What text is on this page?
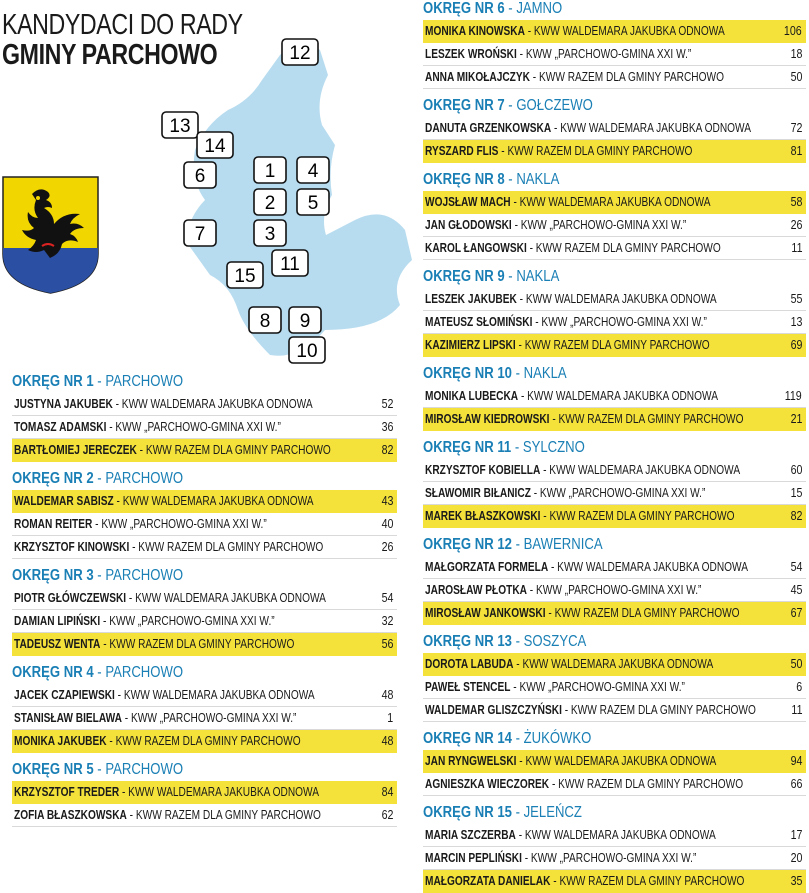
KANDYDACI DO RADY
GMINY PARCHOWO
1
2
3
4
5
6
7
8 9
10
11
12
13
14
15
OKRĘG NR 1 - PARCHOWO
JUSTYNA JAKUBEK - KWW WALDEMARA JAKUBKA ODNOWA	52
TOMASZ ADAMSKI - KWW „PARCHOWO-GMINA XXI W.”	36
BARTŁOMIEJ JERECZEK - KWW RAZEM DLA GMINY PARCHOWO	82
OKRĘG NR 2 - PARCHOWO
WALDEMAR SABISZ - KWW WALDEMARA JAKUBKA ODNOWA	43
ROMAN REITER - KWW „PARCHOWO-GMINA XXI W.”	40
KRZYSZTOF KINOWSKI - KWW RAZEM DLA GMINY PARCHOWO	26
OKRĘG NR 3 - PARCHOWO
PIOTR GŁÓWCZEWSKI - KWW WALDEMARA JAKUBKA ODNOWA	54
DAMIAN LIPIŃSKI - KWW „PARCHOWO-GMINA XXI W.”	32
TADEUSZ WENTA - KWW RAZEM DLA GMINY PARCHOWO	56
OKRĘG NR 4 - PARCHOWO
JACEK CZAPIEWSKI - KWW WALDEMARA JAKUBKA ODNOWA	48
STANISŁAW BIELAWA - KWW „PARCHOWO-GMINA XXI W.”	1
MONIKA JAKUBEK - KWW RAZEM DLA GMINY PARCHOWO	48
OKRĘG NR 5 - PARCHOWO
KRZYSZTOF TREDER - KWW WALDEMARA JAKUBKA ODNOWA	84
ZOFIA BŁASZKOWSKA - KWW RAZEM DLA GMINY PARCHOWO	62
OKRĘG NR 6 - JAMNO
MONIKA KINOWSKA - KWW WALDEMARA JAKUBKA ODNOWA	106
LESZEK WROŃSKI - KWW „PARCHOWO-GMINA XXI W.”	18
ANNA MIKOŁAJCZYK - KWW RAZEM DLA GMINY PARCHOWO	50
OKRĘG NR 7 - GOŁCZEWO
DANUTA GRZENKOWSKA - KWW WALDEMARA JAKUBKA ODNOWA	72
RYSZARD FLIS - KWW RAZEM DLA GMINY PARCHOWO	81
OKRĘG NR 8 - NAKLA
WOJSŁAW MACH - KWW WALDEMARA JAKUBKA ODNOWA	58
JAN GŁODOWSKI - KWW „PARCHOWO-GMINA XXI W.”	26
KAROL ŁANGOWSKI - KWW RAZEM DLA GMINY PARCHOWO	11
OKRĘG NR 9 - NAKLA
LESZEK JAKUBEK - KWW WALDEMARA JAKUBKA ODNOWA	55
MATEUSZ SŁOMIŃSKI - KWW „PARCHOWO-GMINA XXI W.”	13
KAZIMIERZ LIPSKI - KWW RAZEM DLA GMINY PARCHOWO	69
OKRĘG NR 10 - NAKLA
MONIKA LUBECKA - KWW WALDEMARA JAKUBKA ODNOWA	119
MIROSŁAW KIEDROWSKI - KWW RAZEM DLA GMINY PARCHOWO	21
OKRĘG NR 11 - SYLCZNO
KRZYSZTOF KOBIELLA - KWW WALDEMARA JAKUBKA ODNOWA	60
SŁAWOMIR BIŁANICZ - KWW „PARCHOWO-GMINA XXI W.”	15
MAREK BŁASZKOWSKI - KWW RAZEM DLA GMINY PARCHOWO	82
OKRĘG NR 12 - BAWERNICA
MAŁGORZATA FORMELA - KWW WALDEMARA JAKUBKA ODNOWA	54
JAROSŁAW PŁOTKA - KWW „PARCHOWO-GMINA XXI W.”	45
MIROSŁAW JANKOWSKI - KWW RAZEM DLA GMINY PARCHOWO	67
OKRĘG NR 13 - SOSZYCA
DOROTA LABUDA - KWW WALDEMARA JAKUBKA ODNOWA	50
PAWEŁ STENCEL - KWW „PARCHOWO-GMINA XXI W.”	6
WALDEMAR GLISZCZYŃSKI - KWW RAZEM DLA GMINY PARCHOWO	11
OKRĘG NR 14 - ŻUKÓWKO
JAN RYNGWELSKI - KWW WALDEMARA JAKUBKA ODNOWA	94
AGNIESZKA WIECZOREK - KWW RAZEM DLA GMINY PARCHOWO	66
OKRĘG NR 15 - JELEŃCZ
MARIA SZCZERBA - KWW WALDEMARA JAKUBKA ODNOWA	17
MARCIN PEPLIŃSKI - KWW „PARCHOWO-GMINA XXI W.”	20
MAŁGORZATA DANIELAK - KWW RAZEM DLA GMINY PARCHOWO	35
